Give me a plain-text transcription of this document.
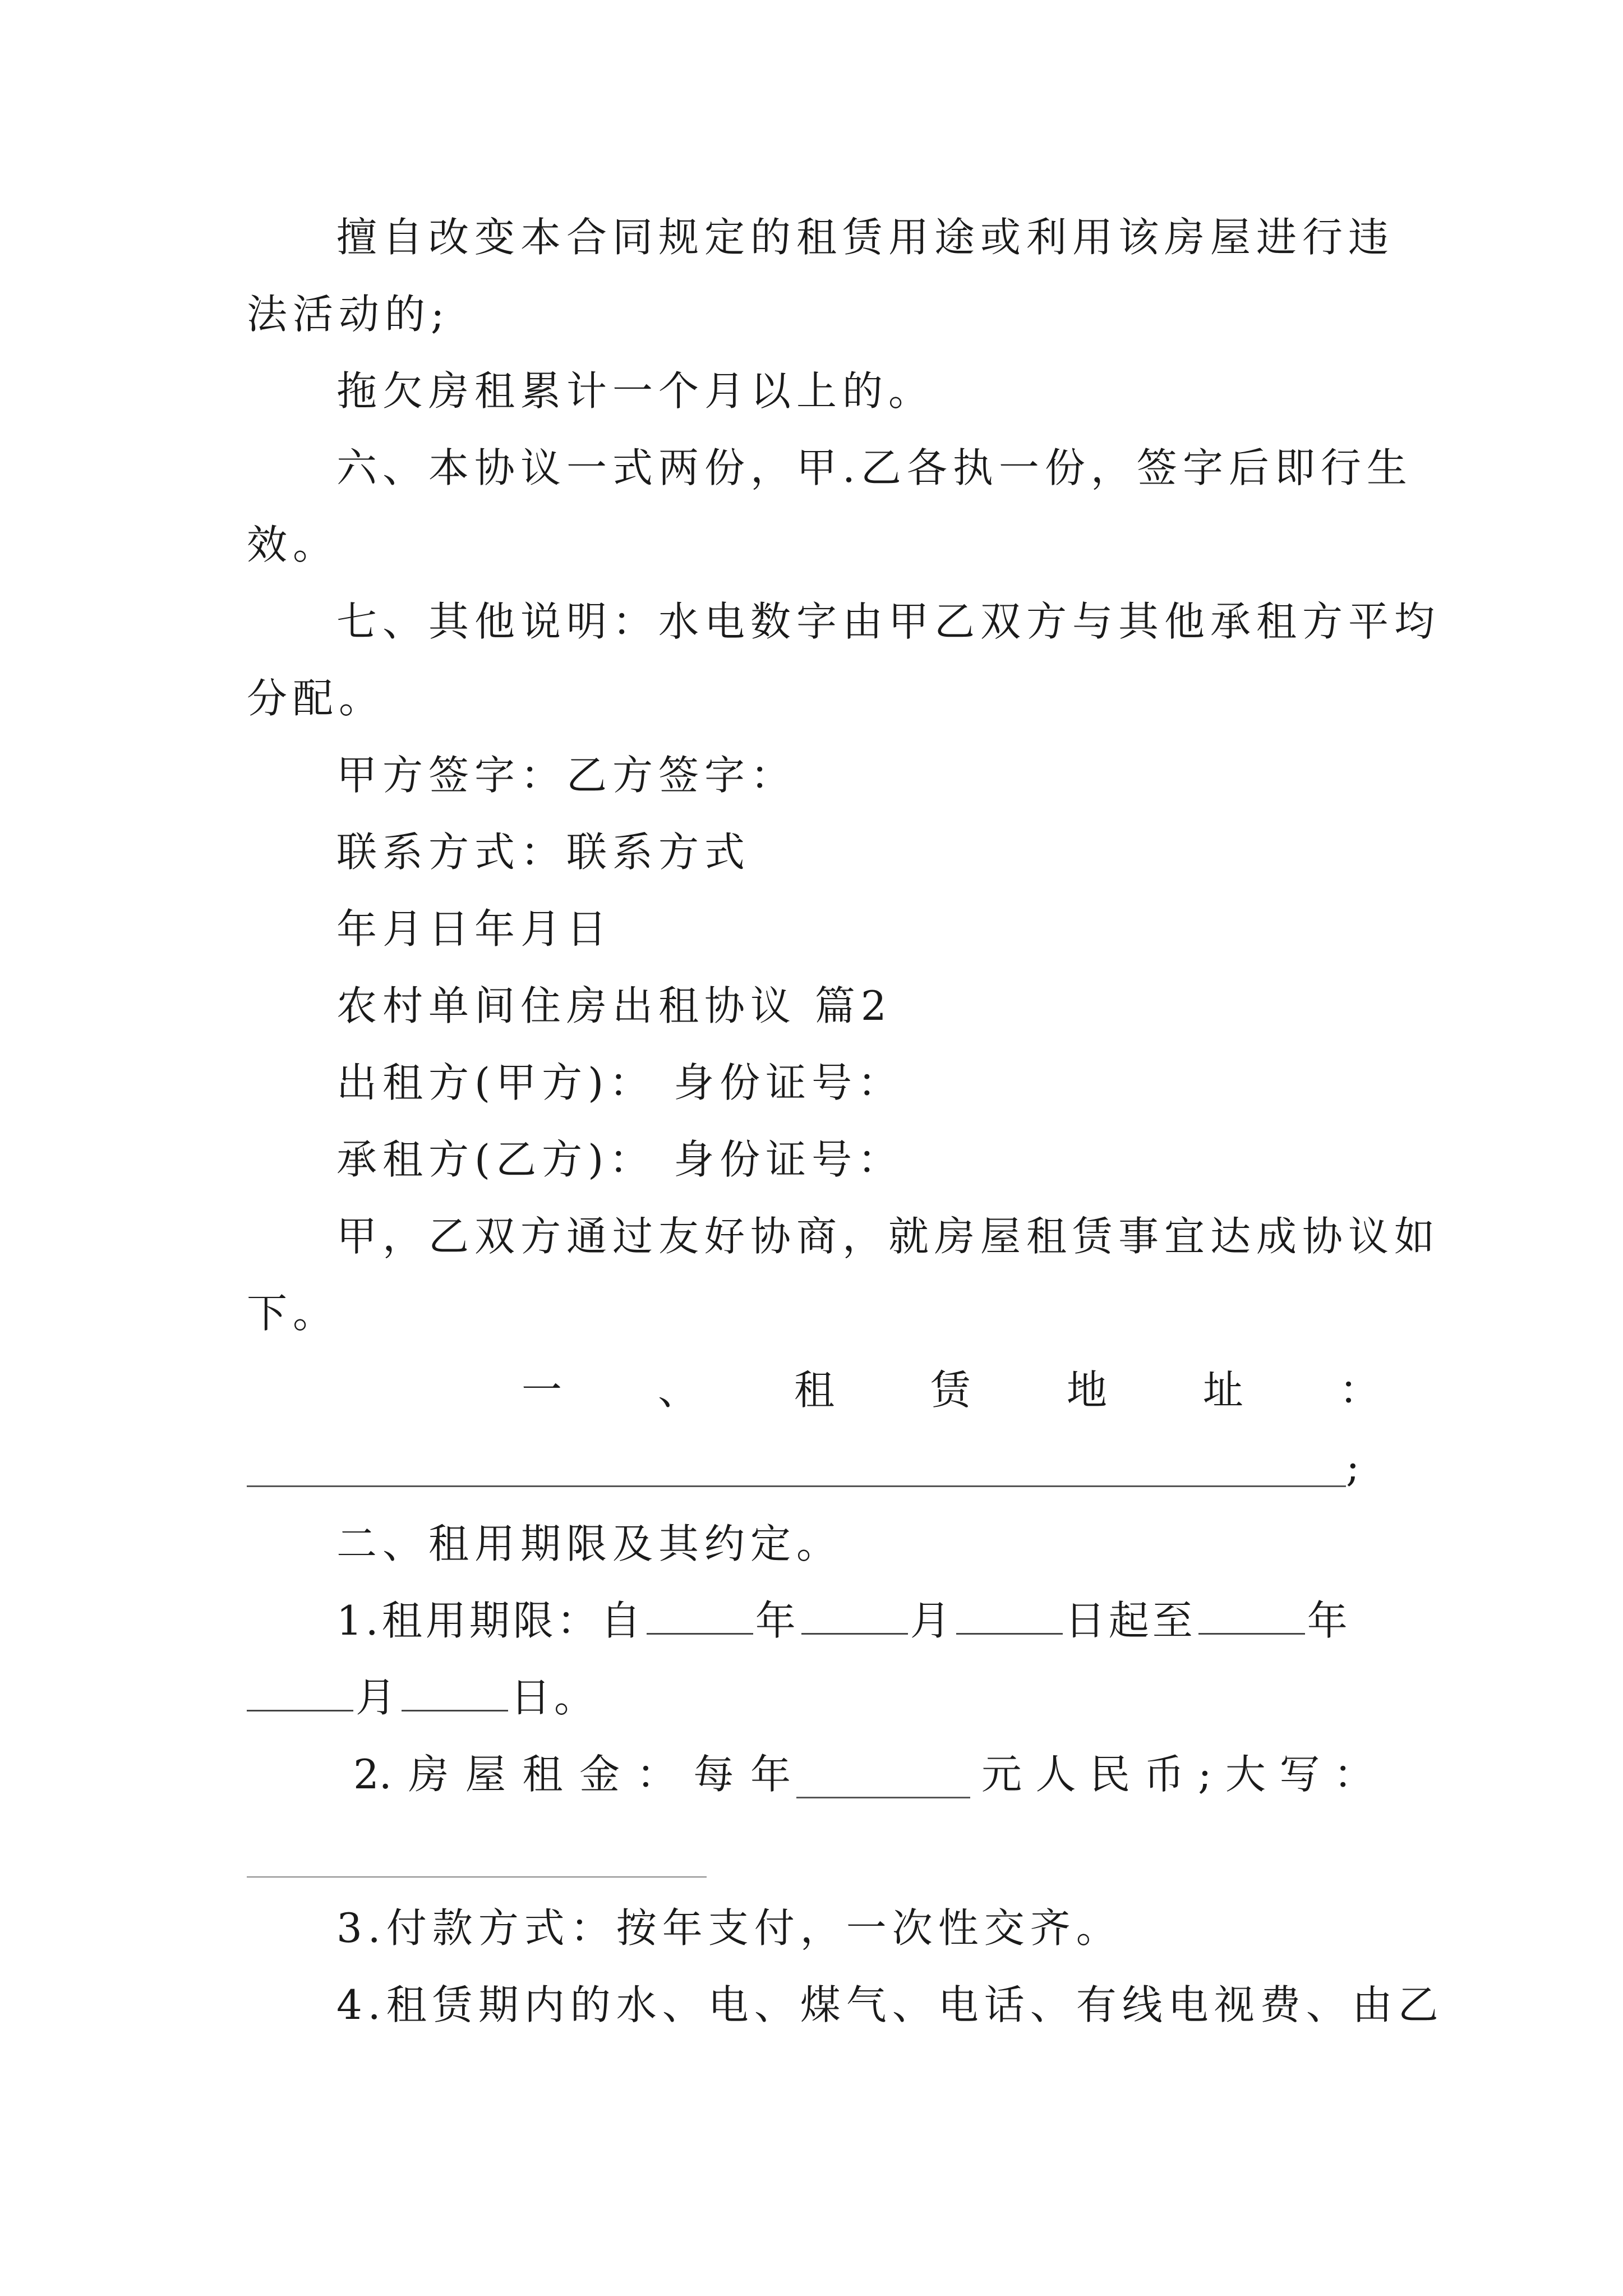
擅自改变本合同规定的租赁用途或利用该房屋进行违
法活动的;
拖欠房租累计一个月以上的。
六、本协议一式两份，甲.乙各执一份，签字后即行生
效。
七、其他说明：水电数字由甲乙双方与其他承租方平均
分配。
甲方签字：乙方签字：
联系方式：联系方式
年月日年月日
农村单间住房出租协议 篇2
出租方(甲方)： 身份证号：
承租方(乙方)： 身份证号：
甲，乙双方通过友好协商，就房屋租赁事宜达成协议如
下。
一 、 租 赁 地 址 ：
;
二、租用期限及其约定。
1.租用期限：自	年	月	日起至	年
月	日。
2. 房 屋 租 金 ： 每 年	元 人 民 币 ; 大 写 ：
3.付款方式：按年支付，一次性交齐。
4.租赁期内的水、电、煤气、电话、有线电视费、由乙
